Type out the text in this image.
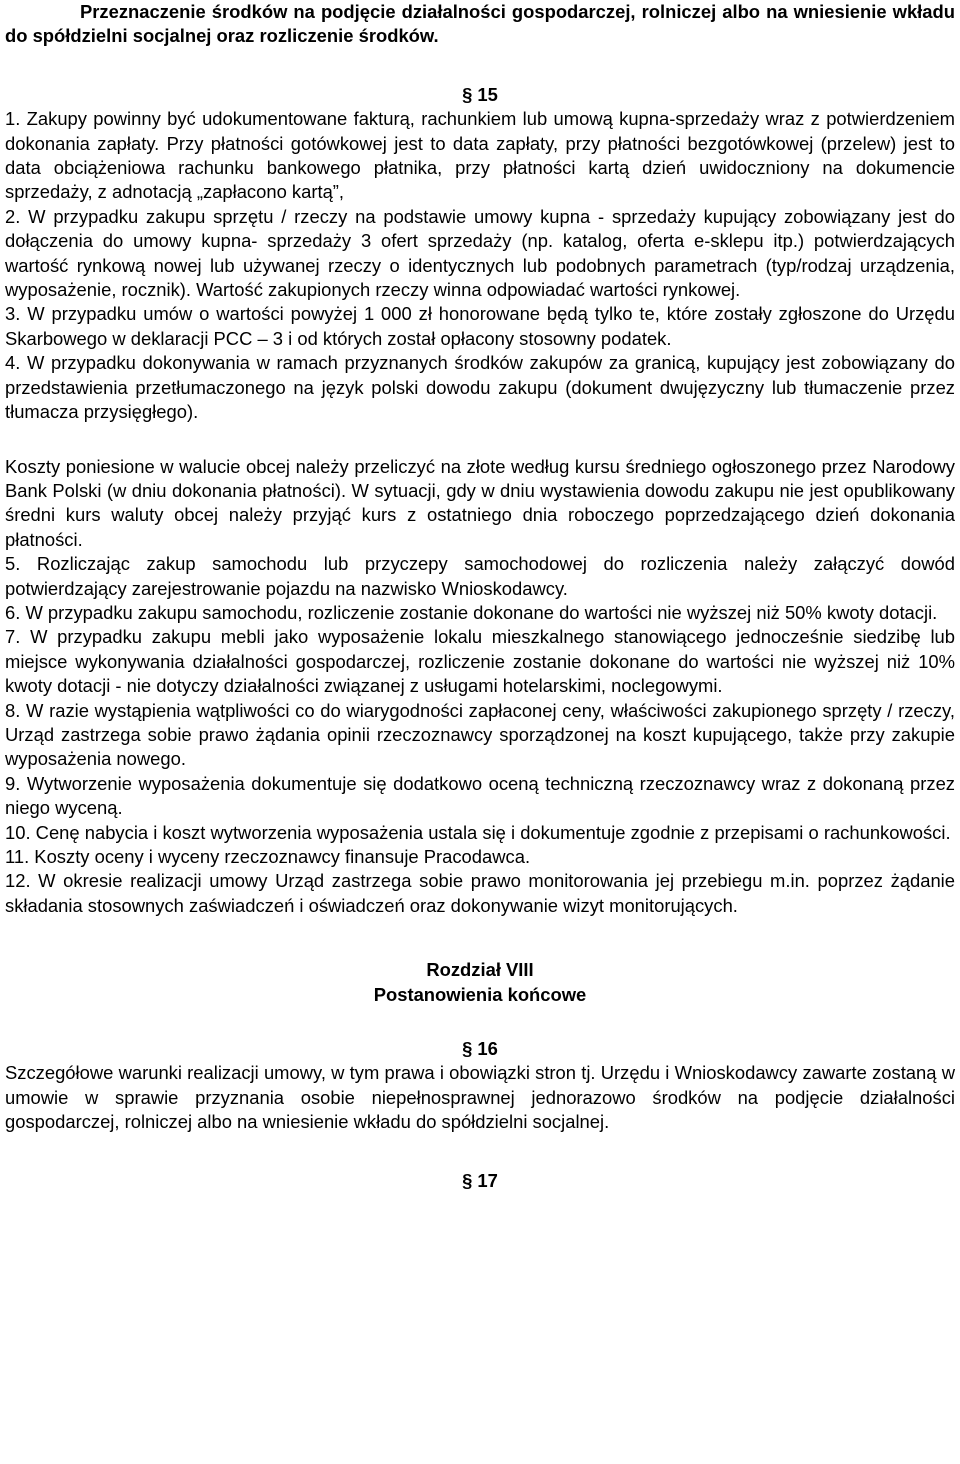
Przeznaczenie środków na podjęcie działalności gospodarczej, rolniczej albo na wniesienie wkładu do spółdzielni socjalnej oraz rozliczenie środków.

§ 15

1. Zakupy powinny być udokumentowane fakturą, rachunkiem lub umową kupna-sprzedaży wraz z potwierdzeniem dokonania zapłaty. Przy płatności gotówkowej jest to data zapłaty, przy płatności bezgotówkowej (przelew) jest to data obciążeniowa rachunku bankowego płatnika, przy płatności kartą dzień uwidoczniony na dokumencie sprzedaży, z adnotacją „zapłacono kartą”,

2. W przypadku zakupu sprzętu / rzeczy na podstawie umowy kupna - sprzedaży kupujący zobowiązany jest do dołączenia do umowy kupna- sprzedaży 3 ofert sprzedaży (np. katalog, oferta e-sklepu itp.) potwierdzających wartość rynkową nowej lub używanej rzeczy o identycznych lub podobnych parametrach (typ/rodzaj urządzenia, wyposażenie, rocznik). Wartość zakupionych rzeczy winna odpowiadać wartości rynkowej.

3. W przypadku umów o wartości powyżej 1 000 zł honorowane będą tylko te, które zostały zgłoszone do Urzędu Skarbowego w deklaracji PCC – 3 i od których został opłacony stosowny podatek.

4. W przypadku dokonywania w ramach przyznanych środków zakupów za granicą, kupujący jest zobowiązany do przedstawienia przetłumaczonego na język polski dowodu zakupu (dokument dwujęzyczny lub tłumaczenie przez tłumacza przysięgłego).

Koszty poniesione w walucie obcej należy przeliczyć na złote według kursu średniego ogłoszonego przez Narodowy Bank Polski (w dniu dokonania płatności). W sytuacji, gdy w dniu wystawienia dowodu zakupu nie jest opublikowany średni kurs waluty obcej należy przyjąć kurs z ostatniego dnia roboczego poprzedzającego dzień dokonania płatności.

5. Rozliczając zakup samochodu lub przyczepy samochodowej do rozliczenia należy załączyć dowód potwierdzający zarejestrowanie pojazdu na nazwisko Wnioskodawcy.

6. W przypadku zakupu samochodu, rozliczenie zostanie dokonane do wartości nie wyższej niż 50% kwoty dotacji.

7. W przypadku zakupu mebli jako wyposażenie lokalu mieszkalnego stanowiącego jednocześnie siedzibę lub miejsce wykonywania działalności gospodarczej, rozliczenie zostanie dokonane do wartości nie wyższej niż 10% kwoty dotacji - nie dotyczy działalności związanej z usługami hotelarskimi, noclegowymi.

8. W razie wystąpienia wątpliwości co do wiarygodności zapłaconej ceny, właściwości zakupionego sprzęty / rzeczy, Urząd zastrzega sobie prawo żądania opinii rzeczoznawcy sporządzonej na koszt kupującego, także przy zakupie wyposażenia nowego.

9. Wytworzenie wyposażenia dokumentuje się dodatkowo oceną techniczną rzeczoznawcy wraz z dokonaną przez niego wyceną.

10. Cenę nabycia i koszt wytworzenia wyposażenia ustala się i dokumentuje zgodnie z przepisami o rachunkowości.

11. Koszty oceny i wyceny rzeczoznawcy finansuje Pracodawca.

12. W okresie realizacji umowy Urząd zastrzega sobie prawo monitorowania jej przebiegu m.in. poprzez żądanie składania stosownych zaświadczeń i oświadczeń oraz dokonywanie wizyt monitorujących.

Rozdział VIII

Postanowienia końcowe

§ 16

Szczegółowe warunki realizacji umowy, w tym prawa i obowiązki stron tj. Urzędu i Wnioskodawcy zawarte zostaną w umowie w sprawie przyznania osobie niepełnosprawnej jednorazowo środków na podjęcie działalności gospodarczej, rolniczej albo na wniesienie wkładu do spółdzielni socjalnej.

§ 17
